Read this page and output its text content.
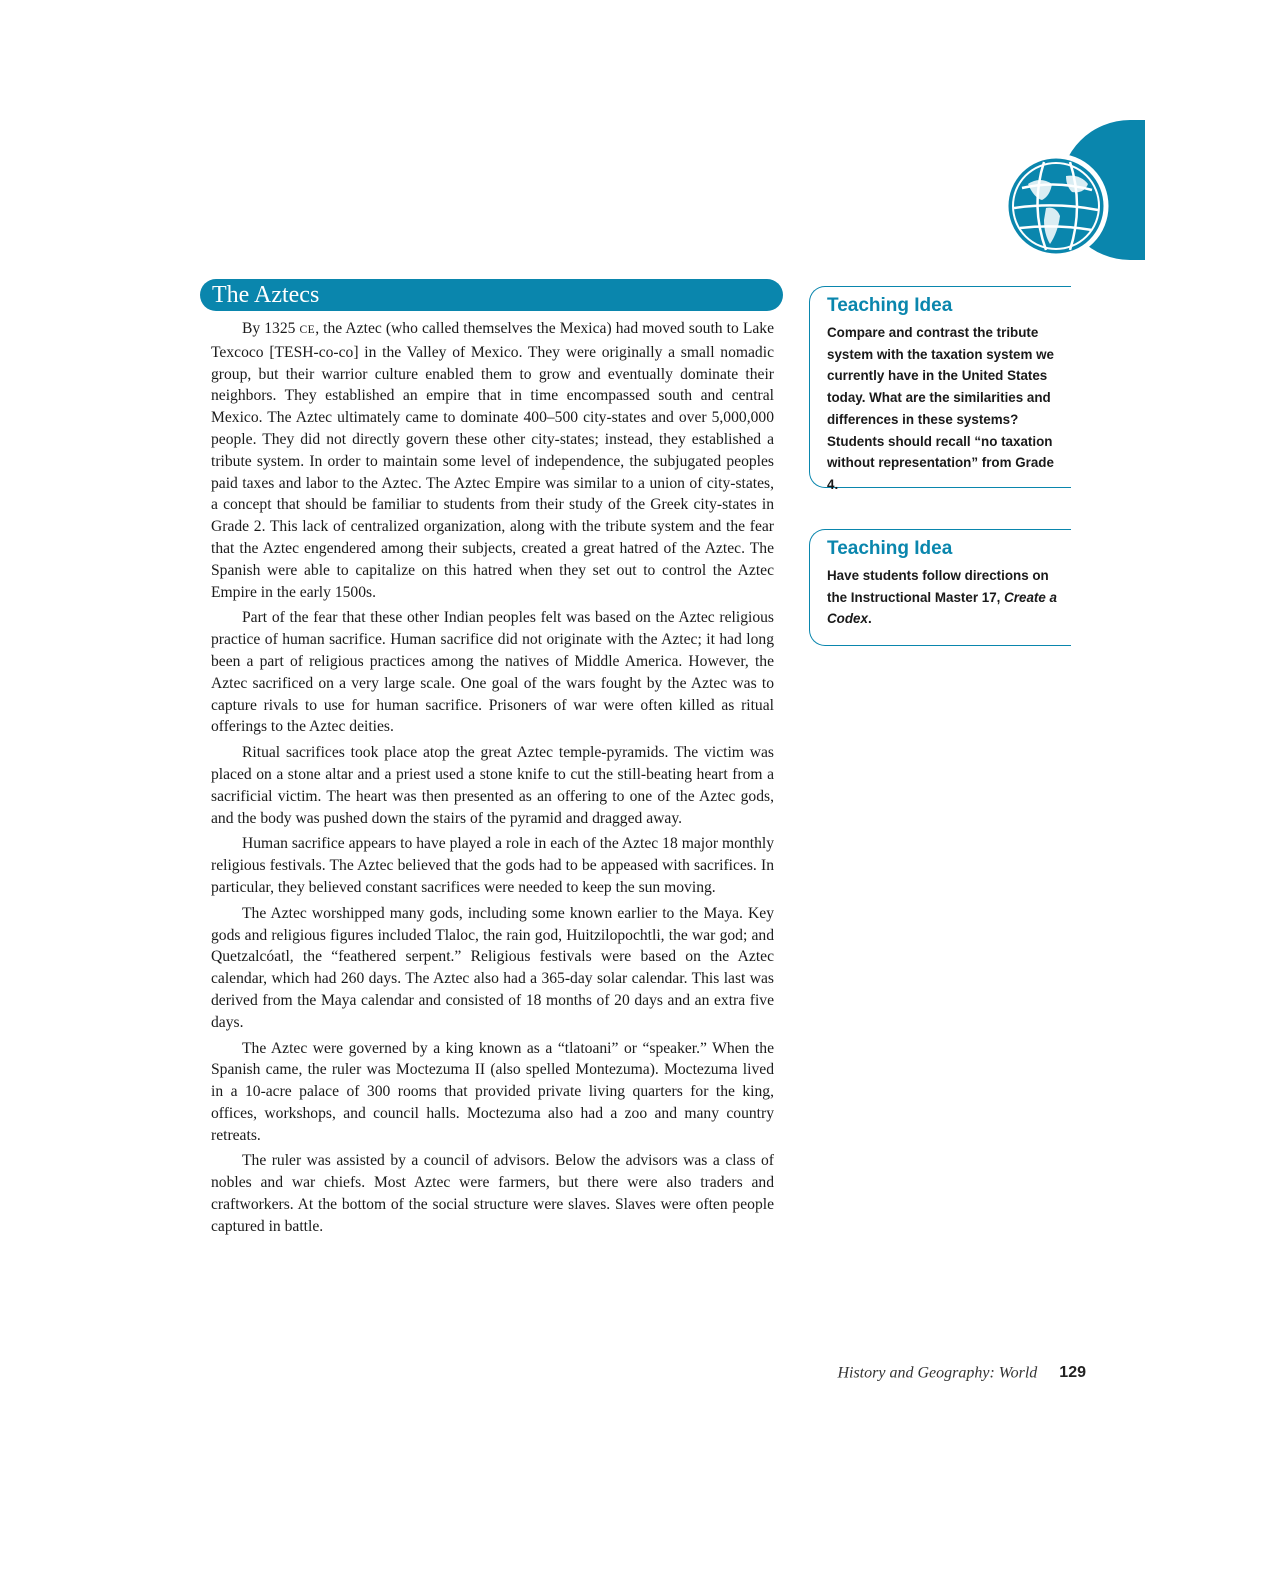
The Aztecs

By 1325 CE, the Aztec (who called themselves the Mexica) had moved south to Lake Texcoco [TESH-co-co] in the Valley of Mexico. They were originally a small nomadic group, but their warrior culture enabled them to grow and eventually dominate their neighbors. They established an empire that in time encompassed south and central Mexico. The Aztec ultimately came to dominate 400–500 city-states and over 5,000,000 people. They did not directly govern these other city-states; instead, they established a tribute system. In order to maintain some level of independence, the subjugated peoples paid taxes and labor to the Aztec. The Aztec Empire was similar to a union of city-states, a concept that should be familiar to students from their study of the Greek city-states in Grade 2. This lack of centralized organization, along with the tribute system and the fear that the Aztec engendered among their subjects, created a great hatred of the Aztec. The Spanish were able to capitalize on this hatred when they set out to control the Aztec Empire in the early 1500s.

Part of the fear that these other Indian peoples felt was based on the Aztec religious practice of human sacrifice. Human sacrifice did not originate with the Aztec; it had long been a part of religious practices among the natives of Middle America. However, the Aztec sacrificed on a very large scale. One goal of the wars fought by the Aztec was to capture rivals to use for human sacrifice. Prisoners of war were often killed as ritual offerings to the Aztec deities.

Ritual sacrifices took place atop the great Aztec temple-pyramids. The victim was placed on a stone altar and a priest used a stone knife to cut the still-beating heart from a sacrificial victim. The heart was then presented as an offering to one of the Aztec gods, and the body was pushed down the stairs of the pyramid and dragged away.

Human sacrifice appears to have played a role in each of the Aztec 18 major monthly religious festivals. The Aztec believed that the gods had to be appeased with sacrifices. In particular, they believed constant sacrifices were needed to keep the sun moving.

The Aztec worshipped many gods, including some known earlier to the Maya. Key gods and religious figures included Tlaloc, the rain god, Huitzilopochtli, the war god; and Quetzalcóatl, the “feathered serpent.” Religious festivals were based on the Aztec calendar, which had 260 days. The Aztec also had a 365-day solar calendar. This last was derived from the Maya calendar and consisted of 18 months of 20 days and an extra five days.

The Aztec were governed by a king known as a “tlatoani” or “speaker.” When the Spanish came, the ruler was Moctezuma II (also spelled Montezuma). Moctezuma lived in a 10-acre palace of 300 rooms that provided private living quarters for the king, offices, workshops, and council halls. Moctezuma also had a zoo and many country retreats.

The ruler was assisted by a council of advisors. Below the advisors was a class of nobles and war chiefs. Most Aztec were farmers, but there were also traders and craftworkers. At the bottom of the social structure were slaves. Slaves were often people captured in battle.

Teaching Idea

Compare and contrast the tribute system with the taxation system we currently have in the United States today. What are the similarities and differences in these systems? Students should recall “no taxation without representation” from Grade 4.

Teaching Idea

Have students follow directions on the Instructional Master 17, Create a Codex.

History and Geography: World 129
